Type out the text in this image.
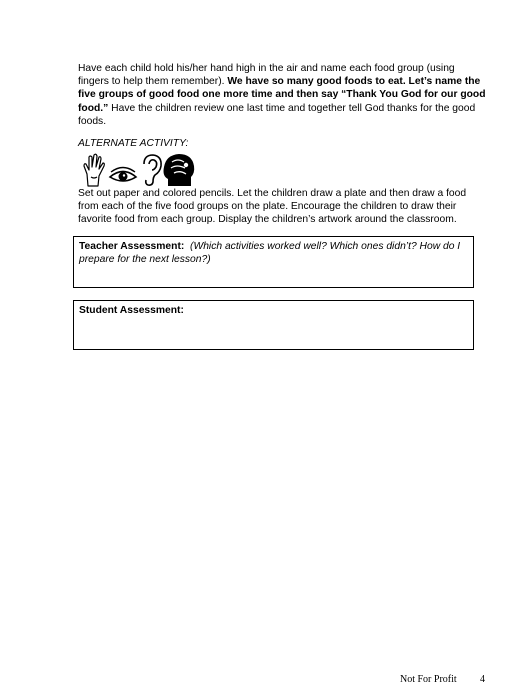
Have each child hold his/her hand high in the air and name each food group (using fingers to help them remember). We have so many good foods to eat. Let’s name the five groups of good food one more time and then say “Thank You God for our good food.” Have the children review one last time and together tell God thanks for the good foods.

ALTERNATE ACTIVITY:

Set out paper and colored pencils. Let the children draw a plate and then draw a food from each of the five food groups on the plate. Encourage the children to draw their favorite food from each group. Display the children’s artwork around the classroom.

Teacher Assessment: (Which activities worked well? Which ones didn’t? How do I prepare for the next lesson?)
Student Assessment:
Not For Profit 4
